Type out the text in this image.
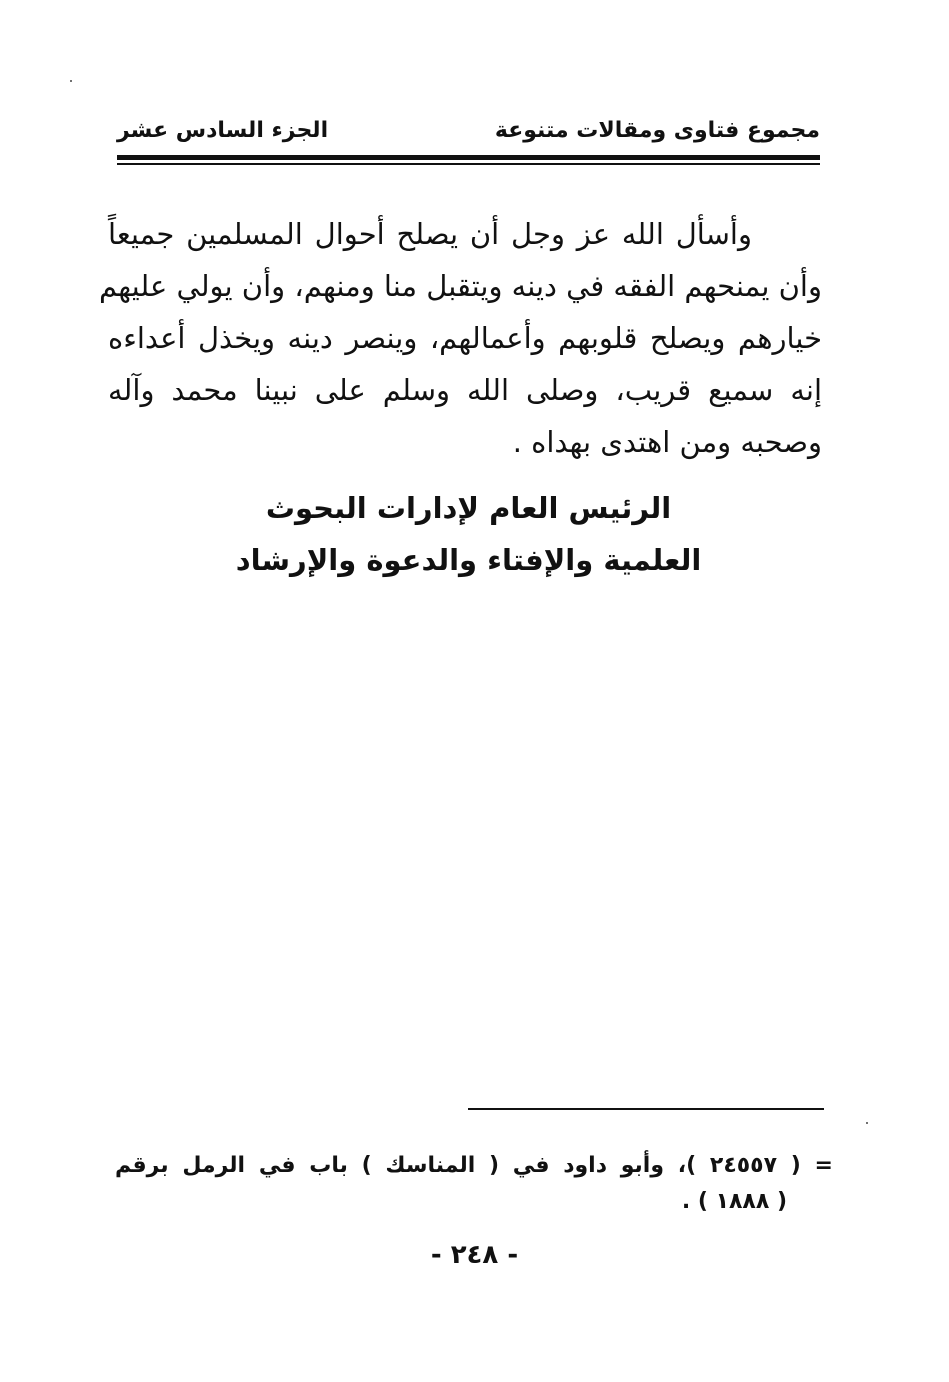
مجموع فتاوى ومقالات متنوعة
الجزء السادس عشر
وأسأل الله عز وجل أن يصلح أحوال المسلمين جميعاً
وأن يمنحهم الفقه في دينه ويتقبل منا ومنهم، وأن يولي عليهم
خيارهم ويصلح قلوبهم وأعمالهم، وينصر دينه ويخذل أعداءه
إنه سميع قريب، وصلى الله وسلم على نبينا محمد وآله
وصحبه ومن اهتدى بهداه .
الرئيس العام لإدارات البحوث
العلمية والإفتاء والدعوة والإرشاد
= ( ٢٤٥٥٧ )، وأبو داود في ( المناسك ) باب في الرمل برقم
( ١٨٨٨ ) .
- ٢٤٨ -
